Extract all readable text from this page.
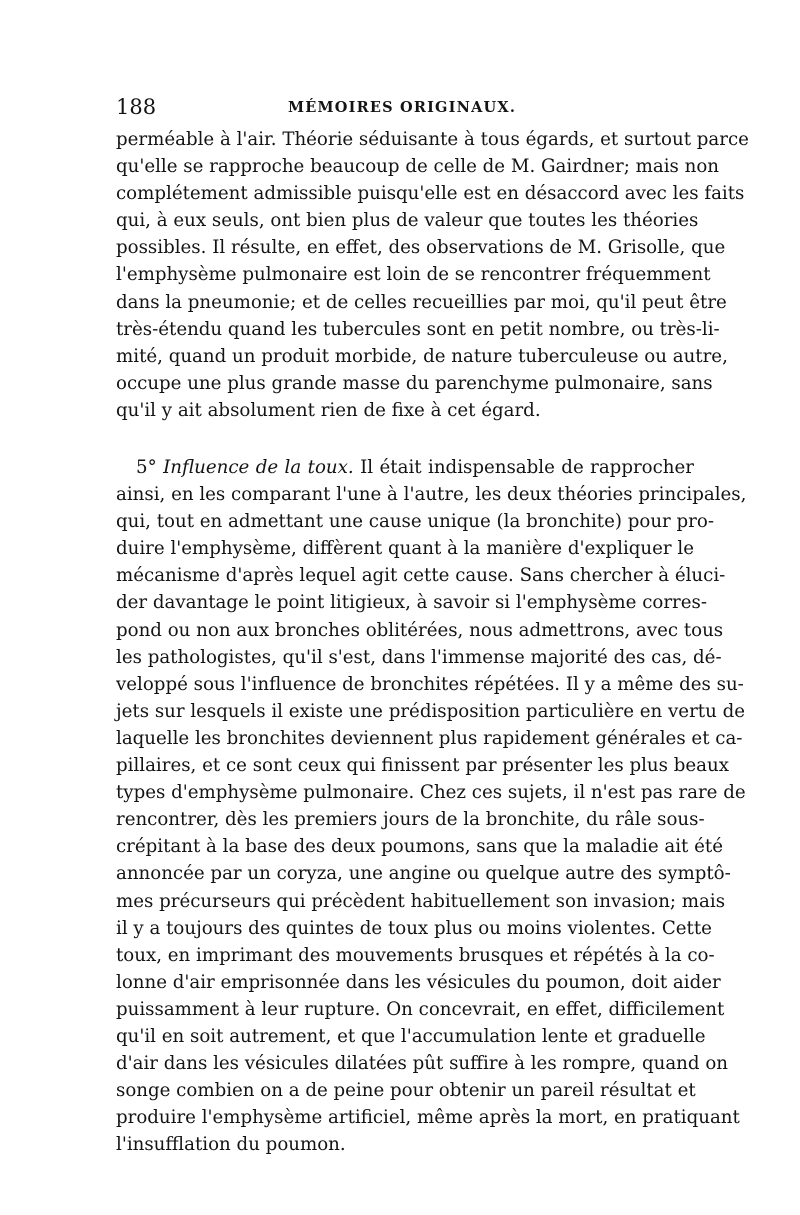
188	MÉMOIRES ORIGINAUX.
perméable à l'air. Théorie séduisante à tous égards, et surtout parce
qu'elle se rapproche beaucoup de celle de M. Gairdner; mais non
complétement admissible puisqu'elle est en désaccord avec les faits
qui, à eux seuls, ont bien plus de valeur que toutes les théories
possibles. Il résulte, en effet, des observations de M. Grisolle, que
l'emphysème pulmonaire est loin de se rencontrer fréquemment
dans la pneumonie; et de celles recueillies par moi, qu'il peut être
très-étendu quand les tubercules sont en petit nombre, ou très-li-
mité, quand un produit morbide, de nature tuberculeuse ou autre,
occupe une plus grande masse du parenchyme pulmonaire, sans
qu'il y ait absolument rien de fixe à cet égard.
5° Influence de la toux. Il était indispensable de rapprocher
ainsi, en les comparant l'une à l'autre, les deux théories principales,
qui, tout en admettant une cause unique (la bronchite) pour pro-
duire l'emphysème, diffèrent quant à la manière d'expliquer le
mécanisme d'après lequel agit cette cause. Sans chercher à éluci-
der davantage le point litigieux, à savoir si l'emphysème corres-
pond ou non aux bronches oblitérées, nous admettrons, avec tous
les pathologistes, qu'il s'est, dans l'immense majorité des cas, dé-
veloppé sous l'influence de bronchites répétées. Il y a même des su-
jets sur lesquels il existe une prédisposition particulière en vertu de
laquelle les bronchites deviennent plus rapidement générales et ca-
pillaires, et ce sont ceux qui finissent par présenter les plus beaux
types d'emphysème pulmonaire. Chez ces sujets, il n'est pas rare de
rencontrer, dès les premiers jours de la bronchite, du râle sous-
crépitant à la base des deux poumons, sans que la maladie ait été
annoncée par un coryza, une angine ou quelque autre des symptô-
mes précurseurs qui précèdent habituellement son invasion; mais
il y a toujours des quintes de toux plus ou moins violentes. Cette
toux, en imprimant des mouvements brusques et répétés à la co-
lonne d'air emprisonnée dans les vésicules du poumon, doit aider
puissamment à leur rupture. On concevrait, en effet, difficilement
qu'il en soit autrement, et que l'accumulation lente et graduelle
d'air dans les vésicules dilatées pût suffire à les rompre, quand on
songe combien on a de peine pour obtenir un pareil résultat et
produire l'emphysème artificiel, même après la mort, en pratiquant
l'insufflation du poumon.
